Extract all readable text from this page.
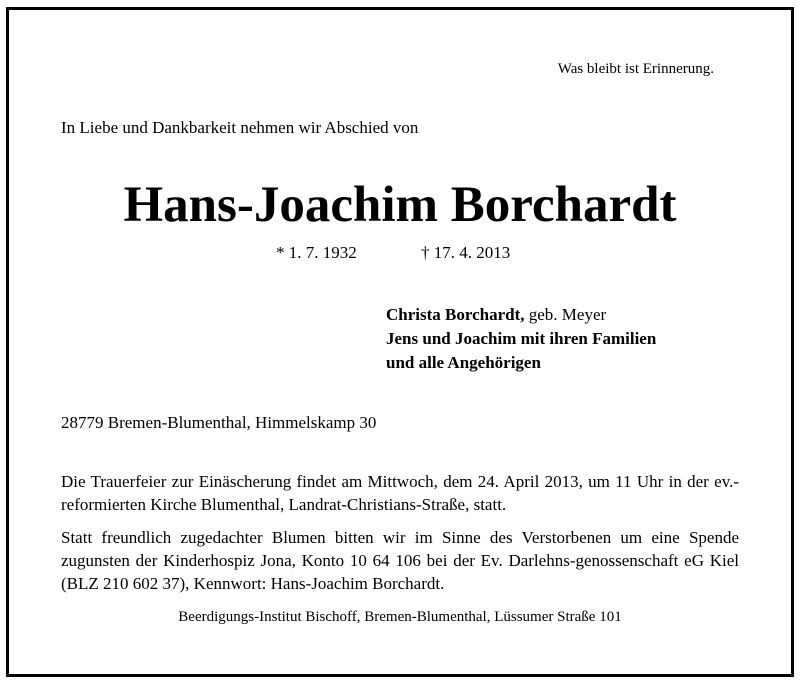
Was bleibt ist Erinnerung.
In Liebe und Dankbarkeit nehmen wir Abschied von
Hans-Joachim Borchardt
* 1. 7. 1932	† 17. 4. 2013
Christa Borchardt, geb. Meyer
Jens und Joachim mit ihren Familien
und alle Angehörigen
28779 Bremen-Blumenthal, Himmelskamp 30
Die Trauerfeier zur Einäscherung findet am Mittwoch, dem 24. April 2013, um 11 Uhr in der ev.-reformierten Kirche Blumenthal, Landrat-Christians-Straße, statt.
Statt freundlich zugedachter Blumen bitten wir im Sinne des Verstorbenen um eine Spende zugunsten der Kinderhospiz Jona, Konto 10 64 106 bei der Ev. Darlehns-genossenschaft eG Kiel (BLZ 210 602 37), Kennwort: Hans-Joachim Borchardt.
Beerdigungs-Institut Bischoff, Bremen-Blumenthal, Lüssumer Straße 101
